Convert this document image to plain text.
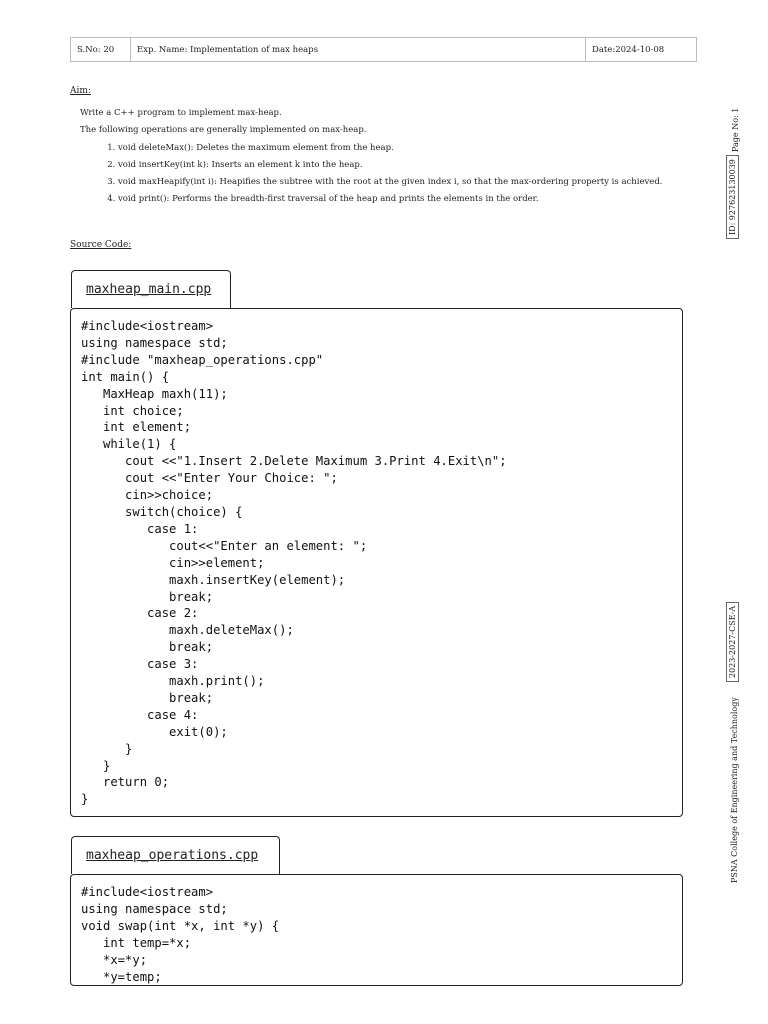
S.No: 20	Exp. Name: Implementation of max heaps	Date:2024-10-08
Aim:
Write a C++ program to implement max-heap.
The following operations are generally implemented on max-heap.
1. void deleteMax(): Deletes the maximum element from the heap.
2. void insertKey(int k): Inserts an element k into the heap.
3. void maxHeapify(int i): Heapifies the subtree with the root at the given index i, so that the max-ordering property is achieved.
4. void print(): Performs the breadth-first traversal of the heap and prints the elements in the order.
Source Code:
maxheap_main.cpp
#include<iostream>
using namespace std;
#include "maxheap_operations.cpp"
int main() {
MaxHeap maxh(11);
int choice;
int element;
while(1) {
cout <<"1.Insert 2.Delete Maximum 3.Print 4.Exit\n";
cout <<"Enter Your Choice: ";
cin>>choice;
switch(choice) {
case 1:
cout<<"Enter an element: ";
cin>>element;
maxh.insertKey(element);
break;
case 2:
maxh.deleteMax();
break;
case 3:
maxh.print();
break;
case 4:
exit(0);
}
}
return 0;
}
maxheap_operations.cpp
#include<iostream>
using namespace std;
void swap(int *x, int *y) {
int temp=*x;
*x=*y;
*y=temp;
Page No: 1
ID: 927623130039
2023-2027-CSE-A
PSNA College of Engineering and Technology
